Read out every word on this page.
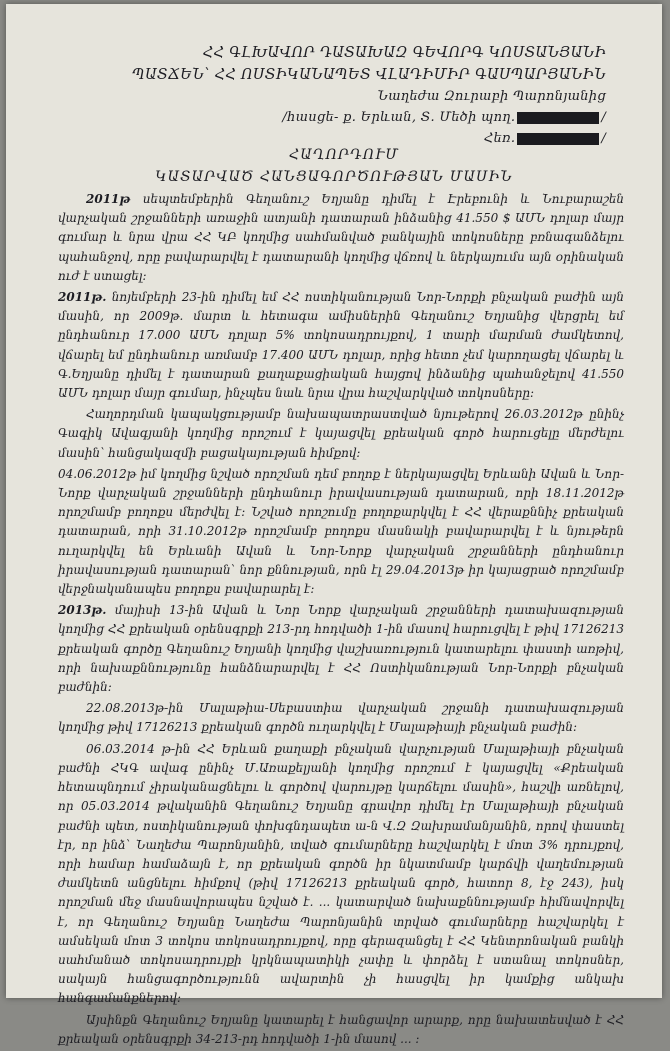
ՀՀ ԳԼԽԱՎՈՐ ԴԱՏԱԽԱԶ ԳԵՎՈՐԳ ԿՈՍՏԱՆՅԱՆԻ
ՊԱՏՃԵՆ՝ ՀՀ ՈՍՏԻԿԱՆԱՊԵՏ ՎԼԱԴԻՄԻՐ ԳԱՍՊԱՐՅԱՆԻՆ
Նաղեժա Զուրաբի Պարոնյանից
/հասցե- ք. Երևան, Տ. Մեծի պող.	/
Հեռ.	/
ՀԱՂՈՐԴՈՒՄ
ԿԱՏԱՐՎԱԾ ՀԱՆՑԱԳՈՐԾՈՒԹՅԱՆ ՄԱՍԻՆ

2011թ սեպտեմբերին Գեղանուշ Եղյանը դիմել է Էրեբունի և Նուբարաշեն վարչական շրջանների առաջին ատյանի դատարան ինձանից 41.550 $ ԱՄՆ դոլար մայր գումար և նրա վրա ՀՀ ԿԲ կողմից սահմանված բանկային տոկոսները բռնագանձելու պահանջով, որը բավարարվել է դատարանի կողմից վճռով և ներկայումս այն օրինական ուժ է ստացել:

2011թ. նոյեմբերի 23-ին դիմել եմ ՀՀ ոստիկանության Նոր-Նորքի բնչական բաժին այն մասին, որ 2009թ. մարտ և հետագա ամիսներին Գեղանուշ Եղյանից վերցրել եմ ընդհանուր 17.000 ԱՄՆ դոլար 5% տոկոսադրույքով, 1 տարի մարման ժամկետով, վճարել եմ ընդհանուր առմամբ 17.400 ԱՄՆ դոլար, որից հետո չեմ կարողացել վճարել և Գ.Եղյանը դիմել է դատարան քաղաքացիական հայցով ինձանից պահանջելով 41.550 ԱՄՆ դոլար մայր գումար, ինչպես նաև նրա վրա հաշվարկված տոկոսները:

Հաղորդման կապակցությամբ նախապատրաստված նյութերով 26.03.2012թ ընինչ Գագիկ Ավագյանի կողմից որոշում է կայացվել քրեական գործ հարուցելը մերժելու մասին՝ հանցակազմի բացակայության հիմքով:

04.06.2012թ իմ կողմից նշված որոշման դեմ բողոք է ներկայացվել Երևանի Ավան և Նոր-Նորք վարչական շրջանների ընդհանուր իրավասության դատարան, որի 18.11.2012թ որոշմամբ բողոքս մերժվել է: Նշված որոշումը բողոքարկվել է ՀՀ վերաքննիչ քրեական դատարան, որի 31.10.2012թ որոշմամբ բողոքս մասնակի բավարարվել է և նյութերն ուղարկվել են Երևանի Ավան և Նոր-Նորք վարչական շրջանների ընդհանուր իրավասության դատարան՝ նոր քննության, որն էլ 29.04.2013թ իր կայացրած որոշմամբ վերջնականապես բողոքս բավարարել է:

2013թ. մայիսի 13-ին Ավան և Նոր Նորք վարչական շրջանների դատախազության կողմից ՀՀ քրեական օրենսգրքի 213-րդ հոդվածի 1-ին մասով հարուցվել է թիվ 17126213 քրեական գործը Գեղանուշ Եղյանի կողմից վաշխառություն կատարելու փաստի առթիվ, որի նախաքննությունը հանձնարարվել է ՀՀ Ոստիկանության Նոր-Նորքի բնչական բաժնին:

22.08.2013թ-ին Մալաթիա-Սեբաստիա վարչական շրջանի դատախազության կողմից թիվ 17126213 քրեական գործն ուղարկվել է Մալաթիայի բնչական բաժին:

06.03.2014 թ-ին ՀՀ Երևան քաղաքի բնչական վարչության Մալաթիայի բնչական բաժնի ՀԿԳ ավագ ընինչ Մ.Առաքելյանի կողմից որոշում է կայացվել «Քրեական հետապնդում չիրականացնելու և գործով վարույթը կարճելու մասին», հաշվի առնելով, որ 05.03.2014 թվականին Գեղանուշ Եղյանը գրավոր դիմել էր Մալաթիայի բնչական բաժնի պետ, ոստիկանության փոխգնդապետ ա-ն Վ.Զ Զախրամանյանին, որով փաստել էր, որ ինձ՝ Նաղեժա Պարոնյանին, տված գումարները հաշվարկել է մոտ 3% դրույքով, որի համար համաձայն է, որ քրեական գործն իր նկատմամբ կարճվի վաղեմության ժամկետն անցնելու հիմքով (թիվ 17126213 քրեական գործ, հատոր 8, էջ 243), իսկ որոշման մեջ մասնավորապես նշված է. ... կատարված նախաքննությամբ հիմնավորվել է, որ Գեղանուշ Եղյանը Նաղեժա Պարոնյանին տրված գումարները հաշվարկել է ամսեկան մոտ 3 տոկոս տոկոսադրույքով, որը գերազանցել է ՀՀ Կենտրոնական բանկի սահմանած տոկոսադրույքի կրկնապատիկի չափը և փորձել է ստանալ տոկոսներ, սակայն հանցագործությունն ավարտին չի հասցվել իր կամքից անկախ հանգամանքներով:

Այսինքն Գեղանուշ Եղյանը կատարել է հանցավոր արարք, որը նախատեսված է ՀՀ քրեական օրենսգրքի 34-213-րդ հոդվածի 1-ին մասով ... :
